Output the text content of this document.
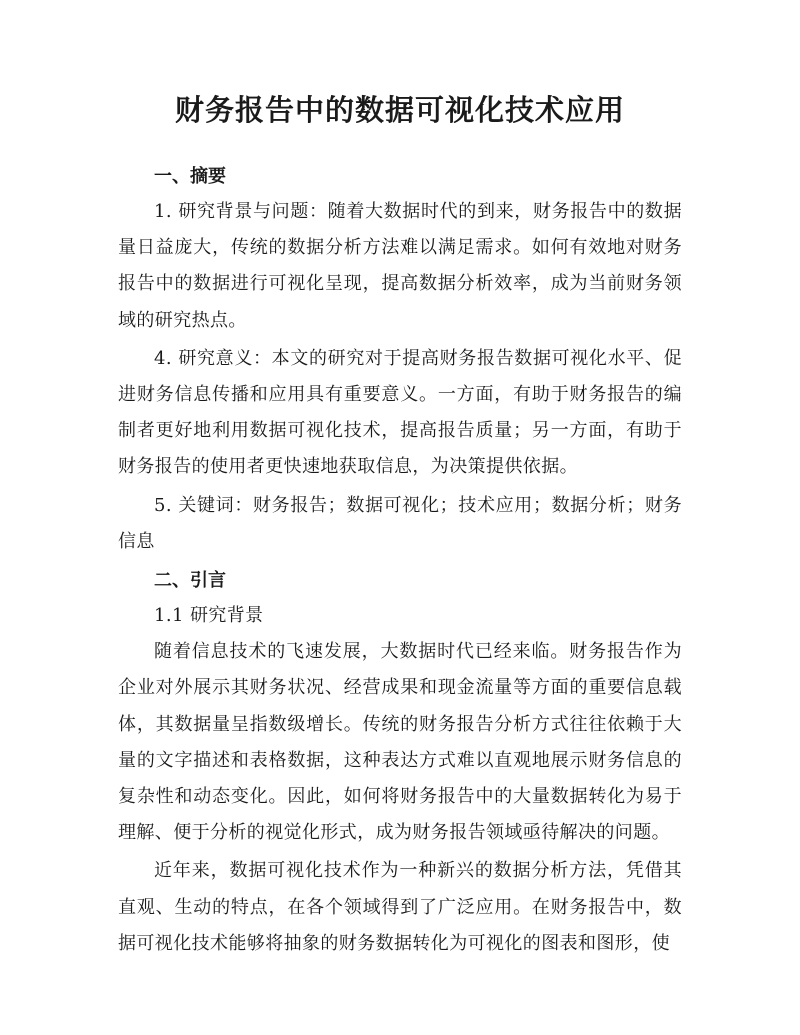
财务报告中的数据可视化技术应用
一、摘要

1. 研究背景与问题：随着大数据时代的到来，财务报告中的数据量日益庞大，传统的数据分析方法难以满足需求。如何有效地对财务报告中的数据进行可视化呈现，提高数据分析效率，成为当前财务领域的研究热点。

4. 研究意义：本文的研究对于提高财务报告数据可视化水平、促进财务信息传播和应用具有重要意义。一方面，有助于财务报告的编制者更好地利用数据可视化技术，提高报告质量；另一方面，有助于财务报告的使用者更快速地获取信息，为决策提供依据。

5. 关键词：财务报告；数据可视化；技术应用；数据分析；财务信息

二、引言
1.1 研究背景

随着信息技术的飞速发展，大数据时代已经来临。财务报告作为企业对外展示其财务状况、经营成果和现金流量等方面的重要信息载体，其数据量呈指数级增长。传统的财务报告分析方式往往依赖于大量的文字描述和表格数据，这种表达方式难以直观地展示财务信息的复杂性和动态变化。因此，如何将财务报告中的大量数据转化为易于理解、便于分析的视觉化形式，成为财务报告领域亟待解决的问题。

近年来，数据可视化技术作为一种新兴的数据分析方法，凭借其直观、生动的特点，在各个领域得到了广泛应用。在财务报告中，数据可视化技术能够将抽象的财务数据转化为可视化的图表和图形，使
